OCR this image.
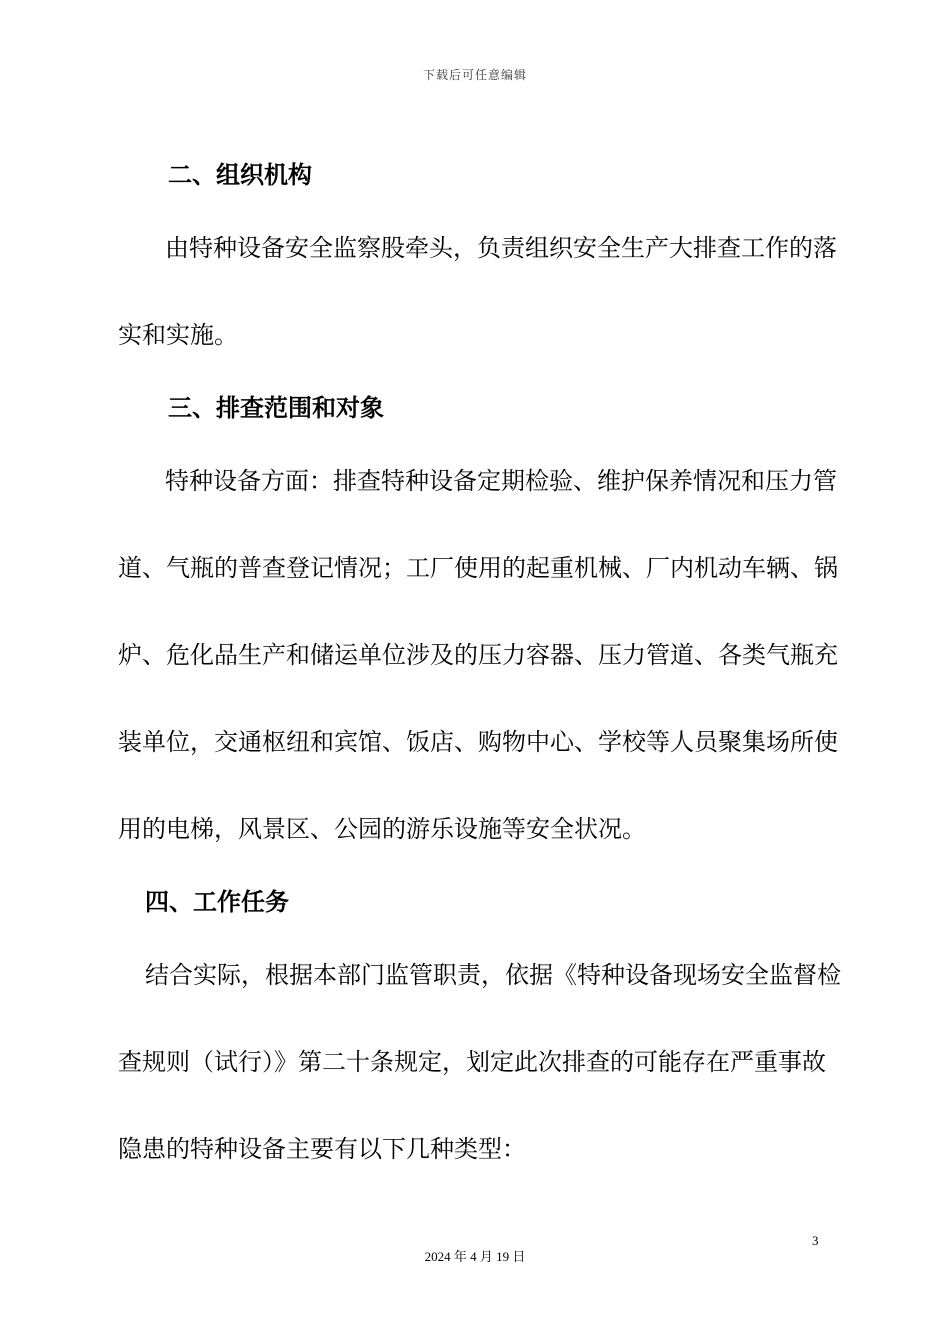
下载后可任意编辑
二、组织机构
由特种设备安全监察股牵头，负责组织安全生产大排查工作的落
实和实施。
三、排查范围和对象
特种设备方面：排查特种设备定期检验、维护保养情况和压力管
道、气瓶的普查登记情况；工厂使用的起重机械、厂内机动车辆、锅
炉、危化品生产和储运单位涉及的压力容器、压力管道、各类气瓶充
装单位，交通枢纽和宾馆、饭店、购物中心、学校等人员聚集场所使
用的电梯，风景区、公园的游乐设施等安全状况。
四、工作任务
结合实际，根据本部门监管职责，依据《特种设备现场安全监督检
查规则（试行）》第二十条规定，划定此次排查的可能存在严重事故
隐患的特种设备主要有以下几种类型：
3
2024 年 4 月 19 日
